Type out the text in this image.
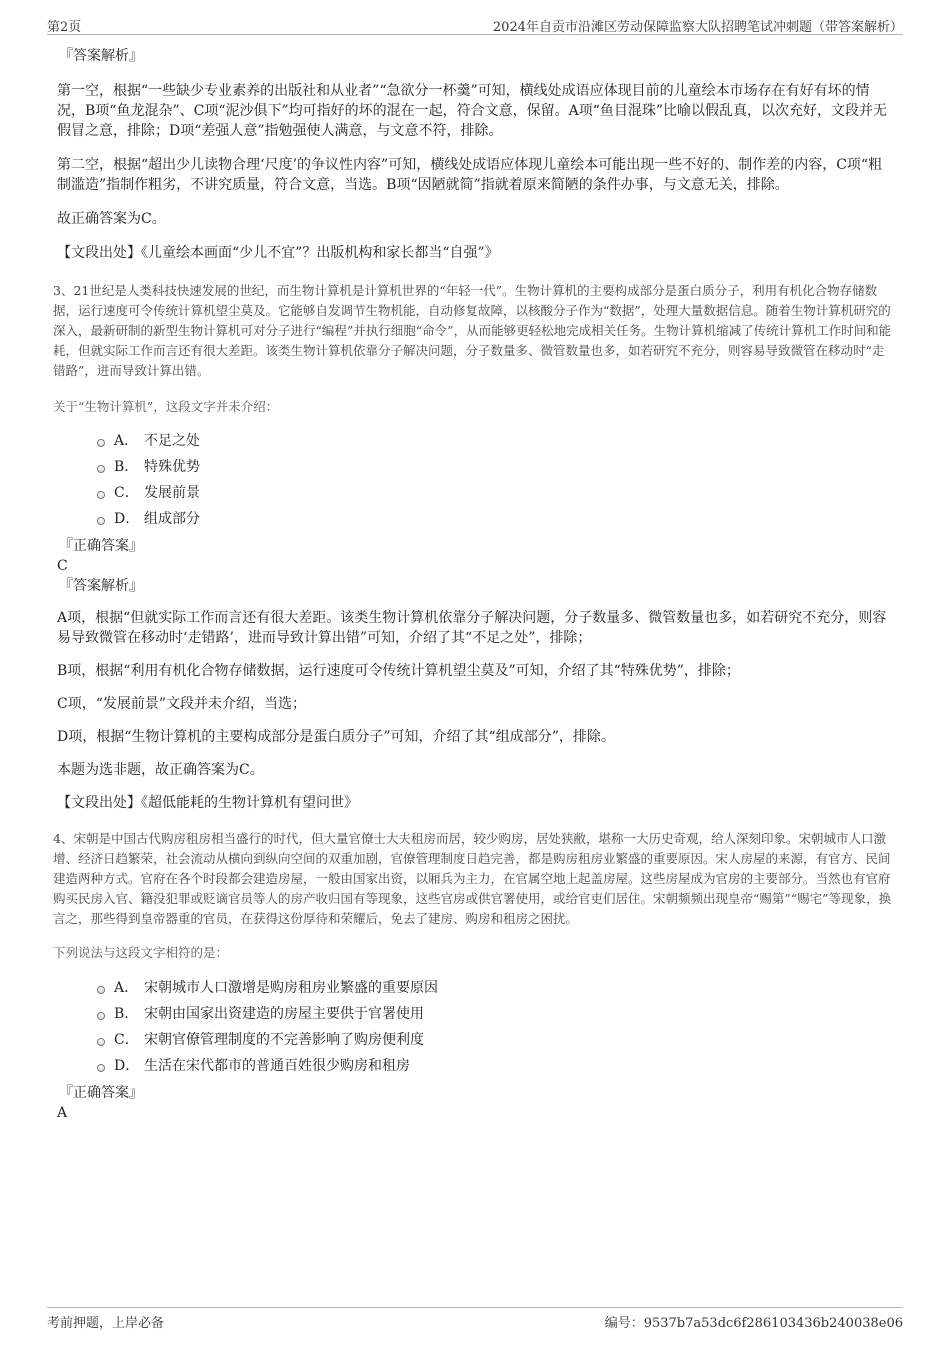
第2页	2024年自贡市沿滩区劳动保障监察大队招聘笔试冲刺题（带答案解析）
『答案解析』

第一空，根据“一些缺少专业素养的出版社和从业者”“急欲分一杯羹”可知，横线处成语应体现目前的儿童绘本市场存在有好有坏的情况，B项“鱼龙混杂”、C项“泥沙俱下”均可指好的坏的混在一起，符合文意，保留。A项“鱼目混珠”比喻以假乱真，以次充好，文段并无假冒之意，排除；D项“差强人意”指勉强使人满意，与文意不符，排除。

第二空，根据“超出少儿读物合理‘尺度’的争议性内容”可知，横线处成语应体现儿童绘本可能出现一些不好的、制作差的内容，C项“粗制滥造”指制作粗劣，不讲究质量，符合文意，当选。B项“因陋就简”指就着原来简陋的条件办事，与文意无关，排除。

故正确答案为C。

【文段出处】《儿童绘本画面“少儿不宜”？出版机构和家长都当“自强”》

3、21世纪是人类科技快速发展的世纪，而生物计算机是计算机世界的“年轻一代”。生物计算机的主要构成部分是蛋白质分子，利用有机化合物存储数据，运行速度可令传统计算机望尘莫及。它能够自发调节生物机能，自动修复故障，以核酸分子作为“数据”，处理大量数据信息。随着生物计算机研究的深入，最新研制的新型生物计算机可对分子进行“编程”并执行细胞“命令”，从而能够更轻松地完成相关任务。生物计算机缩减了传统计算机工作时间和能耗，但就实际工作而言还有很大差距。该类生物计算机依靠分子解决问题，分子数量多、微管数量也多，如若研究不充分，则容易导致微管在移动时“走错路”，进而导致计算出错。

关于“生物计算机”，这段文字并未介绍：

A． 不足之处
B． 特殊优势
C． 发展前景
D． 组成部分
『正确答案』
C
『答案解析』

A项，根据“但就实际工作而言还有很大差距。该类生物计算机依靠分子解决问题，分子数量多、微管数量也多，如若研究不充分，则容易导致微管在移动时‘走错路’，进而导致计算出错”可知，介绍了其“不足之处”，排除；

B项，根据“利用有机化合物存储数据，运行速度可令传统计算机望尘莫及”可知，介绍了其“特殊优势”，排除；

C项，“发展前景”文段并未介绍，当选；

D项，根据“生物计算机的主要构成部分是蛋白质分子”可知，介绍了其“组成部分”，排除。

本题为选非题，故正确答案为C。

【文段出处】《超低能耗的生物计算机有望问世》

4、宋朝是中国古代购房租房相当盛行的时代，但大量官僚士大夫租房而居，较少购房，居处狭敝，堪称一大历史奇观，给人深刻印象。宋朝城市人口激增、经济日趋繁荣，社会流动从横向到纵向空间的双重加剧，官僚管理制度日趋完善，都是购房租房业繁盛的重要原因。宋人房屋的来源，有官方、民间建造两种方式。官府在各个时段都会建造房屋，一般由国家出资，以厢兵为主力，在官属空地上起盖房屋。这些房屋成为官房的主要部分。当然也有官府购买民房入官、籍没犯罪或贬谪官员等人的房产收归国有等现象，这些官房或供官署使用，或给官吏们居住。宋朝频频出现皇帝“赐第”“赐宅”等现象，换言之，那些得到皇帝器重的官员，在获得这份厚待和荣耀后，免去了建房、购房和租房之困扰。

下列说法与这段文字相符的是：

A． 宋朝城市人口激增是购房租房业繁盛的重要原因
B． 宋朝由国家出资建造的房屋主要供于官署使用
C． 宋朝官僚管理制度的不完善影响了购房便利度
D． 生活在宋代都市的普通百姓很少购房和租房
『正确答案』
A
考前押题，上岸必备	编号：9537b7a53dc6f286103436b240038e06
